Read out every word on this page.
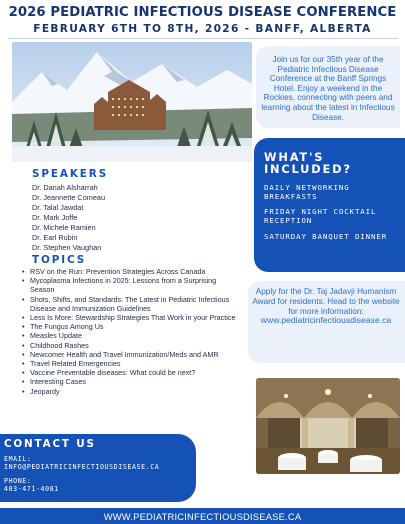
2026 PEDIATRIC INFECTIOUS DISEASE CONFERENCE
FEBRUARY 6TH TO 8TH, 2026 - BANFF, ALBERTA
Join us for our 35th year of the Pediatric Infectious Disease Conference at the Banff Springs Hotel. Enjoy a weekend in the Rockies, connecting with peers and learning about the latest in Infectious Disease.
WHAT'S
INCLUDED?
DAILY NETWORKING BREAKFASTS
FRIDAY NIGHT COCKTAIL RECEPTION
SATURDAY BANQUET DINNER
Apply for the Dr. Taj Jadavji Humanism Award for residents. Head to the website for more information:
www.pediatricinfectiousdisease.ca
SPEAKERS
Dr. Danah Alsharrah
Dr. Jeannette Comeau
Dr. Talal Jawdat
Dr. Mark Joffe
Dr. Michele Ramien
Dr. Earl Rubin
Dr. Stephen Vaughan
TOPICS
• RSV on the Run: Prevention Strategies Across Canada
• Mycoplasma Infections in 2025: Lessons from a Surprising Season
• Shots, Shifts, and Standards: The Latest in Pediatric Infectious Disease and Immunization Guidelines
• Less Is More: Stewardship Strategies That Work in your Practice
• The Fungus Among Us
• Measles Update
• Childhood Rashes
• Newcomer Health and Travel Immunization/Meds and AMR
• Travel Related Emergencies
• Vaccine Preventable diseases: What could be next?
• Interesting Cases
• Jeopardy
CONTACT US
EMAIL:
INFO@PEDIATRICINFECTIOUSDISEASE.CA
PHONE:
403-471-4081
WWW.PEDIATRICINFECTIOUSDISEASE.CA
